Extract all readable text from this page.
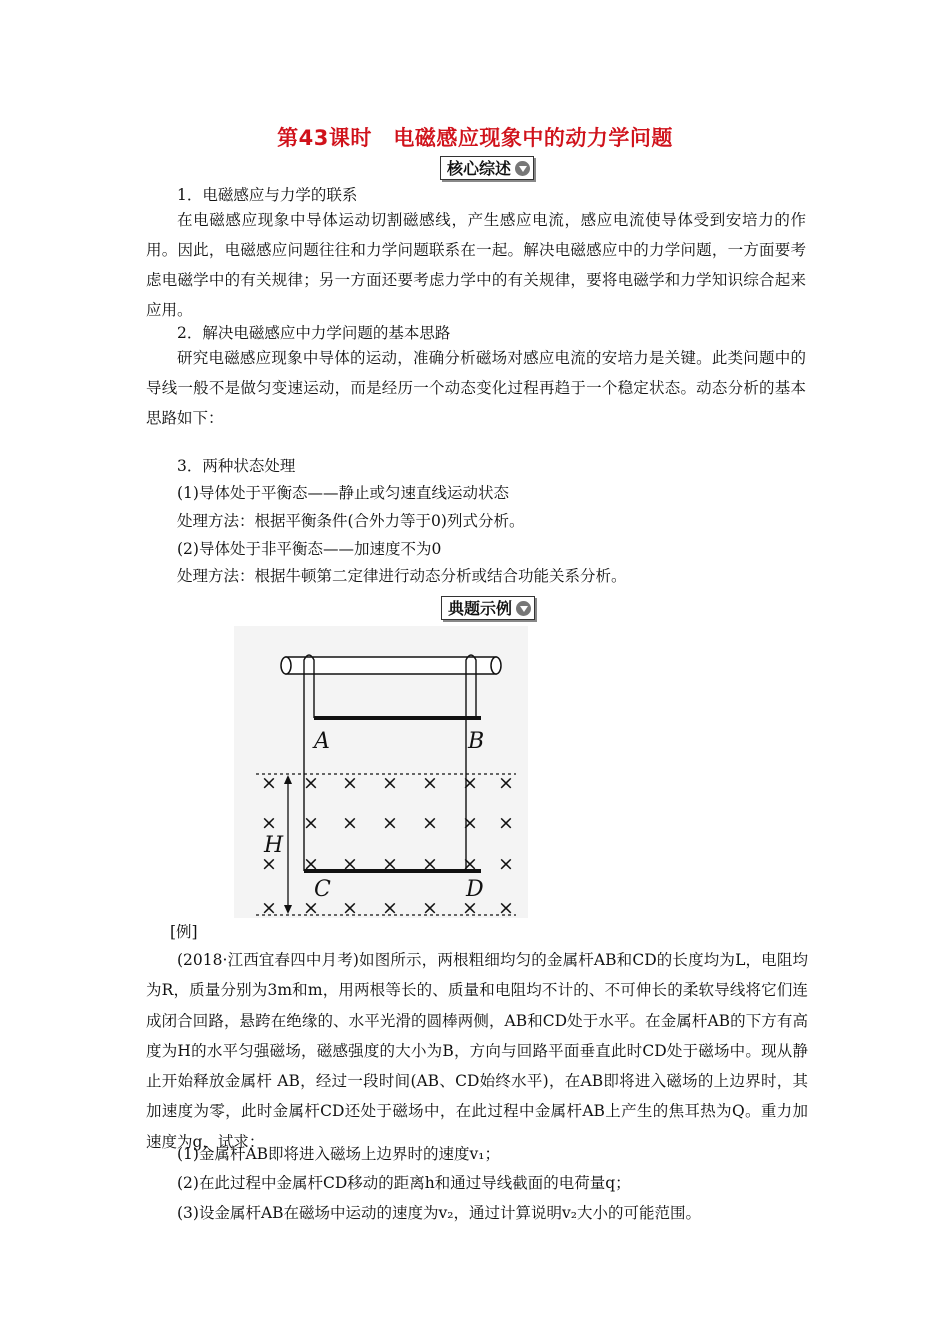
第43课时　电磁感应现象中的动力学问题
核心综述
1．电磁感应与力学的联系
在电磁感应现象中导体运动切割磁感线，产生感应电流，感应电流使导体受到安培力的作用。因此，电磁感应问题往往和力学问题联系在一起。解决电磁感应中的力学问题，一方面要考虑电磁学中的有关规律；另一方面还要考虑力学中的有关规律，要将电磁学和力学知识综合起来应用。
2．解决电磁感应中力学问题的基本思路
研究电磁感应现象中导体的运动，准确分析磁场对感应电流的安培力是关键。此类问题中的导线一般不是做匀变速运动，而是经历一个动态变化过程再趋于一个稳定状态。动态分析的基本思路如下：
3．两种状态处理
(1)导体处于平衡态——静止或匀速直线运动状态
处理方法：根据平衡条件(合外力等于0)列式分析。
(2)导体处于非平衡态——加速度不为0
处理方法：根据牛顿第二定律进行动态分析或结合功能关系分析。
典题示例
A	B
H
C	D
× × × × × × ×
× × × × × × ×
× × × × × × ×
× × × × × × ×
[例]
(2018·江西宜春四中月考)如图所示，两根粗细均匀的金属杆AB和CD的长度均为L，电阻均为R，质量分别为3m和m，用两根等长的、质量和电阻均不计的、不可伸长的柔软导线将它们连成闭合回路，悬跨在绝缘的、水平光滑的圆棒两侧，AB和CD处于水平。在金属杆AB的下方有高度为H的水平匀强磁场，磁感强度的大小为B，方向与回路平面垂直此时CD处于磁场中。现从静止开始释放金属杆 AB，经过一段时间(AB、CD始终水平)，在AB即将进入磁场的上边界时，其加速度为零，此时金属杆CD还处于磁场中，在此过程中金属杆AB上产生的焦耳热为Q。重力加速度为g，试求：
(1)金属杆AB即将进入磁场上边界时的速度v₁；
(2)在此过程中金属杆CD移动的距离h和通过导线截面的电荷量q；
(3)设金属杆AB在磁场中运动的速度为v₂，通过计算说明v₂大小的可能范围。
